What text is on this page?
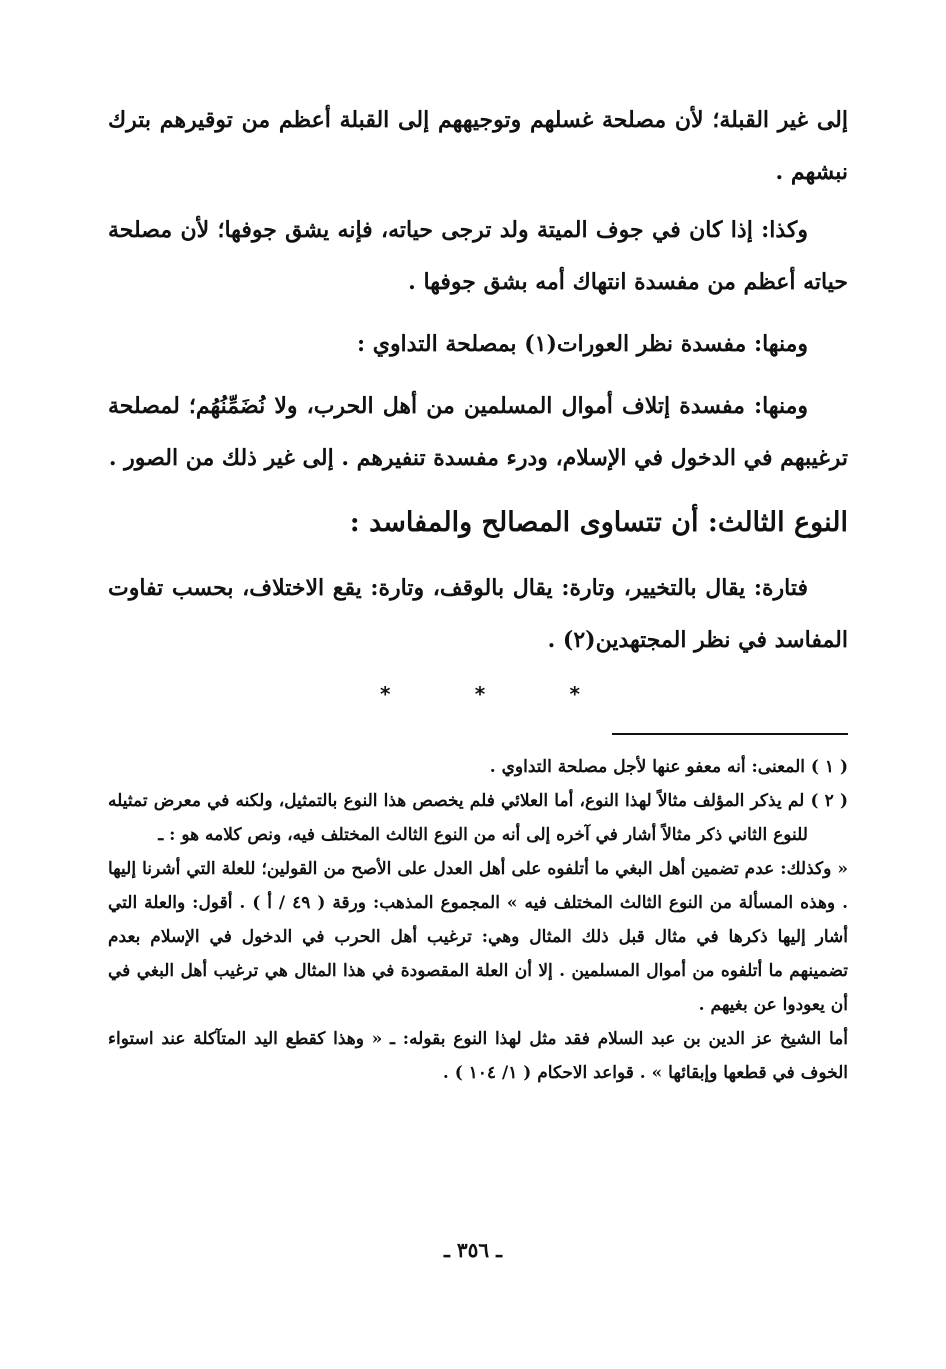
إلى غير القبلة؛ لأن مصلحة غسلهم وتوجيههم إلى القبلة أعظم من توقيرهم بترك نبشهم .
وكذا: إذا كان في جوف الميتة ولد ترجى حياته، فإنه يشق جوفها؛ لأن مصلحة حياته أعظم من مفسدة انتهاك أمه بشق جوفها .
ومنها: مفسدة نظر العورات(١) بمصلحة التداوي :
ومنها: مفسدة إتلاف أموال المسلمين من أهل الحرب، ولا نُضَمِّنُهُم؛ لمصلحة ترغيبهم في الدخول في الإسلام، ودرء مفسدة تنفيرهم . إلى غير ذلك من الصور .
النوع الثالث: أن تتساوى المصالح والمفاسد :
فتارة: يقال بالتخيير، وتارة: يقال بالوقف، وتارة: يقع الاختلاف، بحسب تفاوت المفاسد في نظر المجتهدين(٢) .
*	*	*

( ١ ) المعنى: أنه معفو عنها لأجل مصلحة التداوي .

( ٢ ) لم يذكر المؤلف مثالاً لهذا النوع، أما العلائي فلم يخصص هذا النوع بالتمثيل، ولكنه في معرض تمثيله للنوع الثاني ذكر مثالاً أشار في آخره إلى أنه من النوع الثالث المختلف فيه، ونص كلامه هو : ـ

« وكذلك: عدم تضمين أهل البغي ما أتلفوه على أهل العدل على الأصح من القولين؛ للعلة التي أشرنا إليها . وهذه المسألة من النوع الثالث المختلف فيه » المجموع المذهب: ورقة ( ٤٩ / أ ) . أقول: والعلة التي أشار إليها ذكرها في مثال قبل ذلك المثال وهي: ترغيب أهل الحرب في الدخول في الإسلام بعدم تضمينهم ما أتلفوه من أموال المسلمين . إلا أن العلة المقصودة في هذا المثال هي ترغيب أهل البغي في أن يعودوا عن بغيهم .

أما الشيخ عز الدين بن عبد السلام فقد مثل لهذا النوع بقوله: ـ « وهذا كقطع اليد المتآكلة عند استواء الخوف في قطعها وإبقائها » . قواعد الاحكام ( ١/ ١٠٤ ) .

ـ ٣٥٦ ـ
